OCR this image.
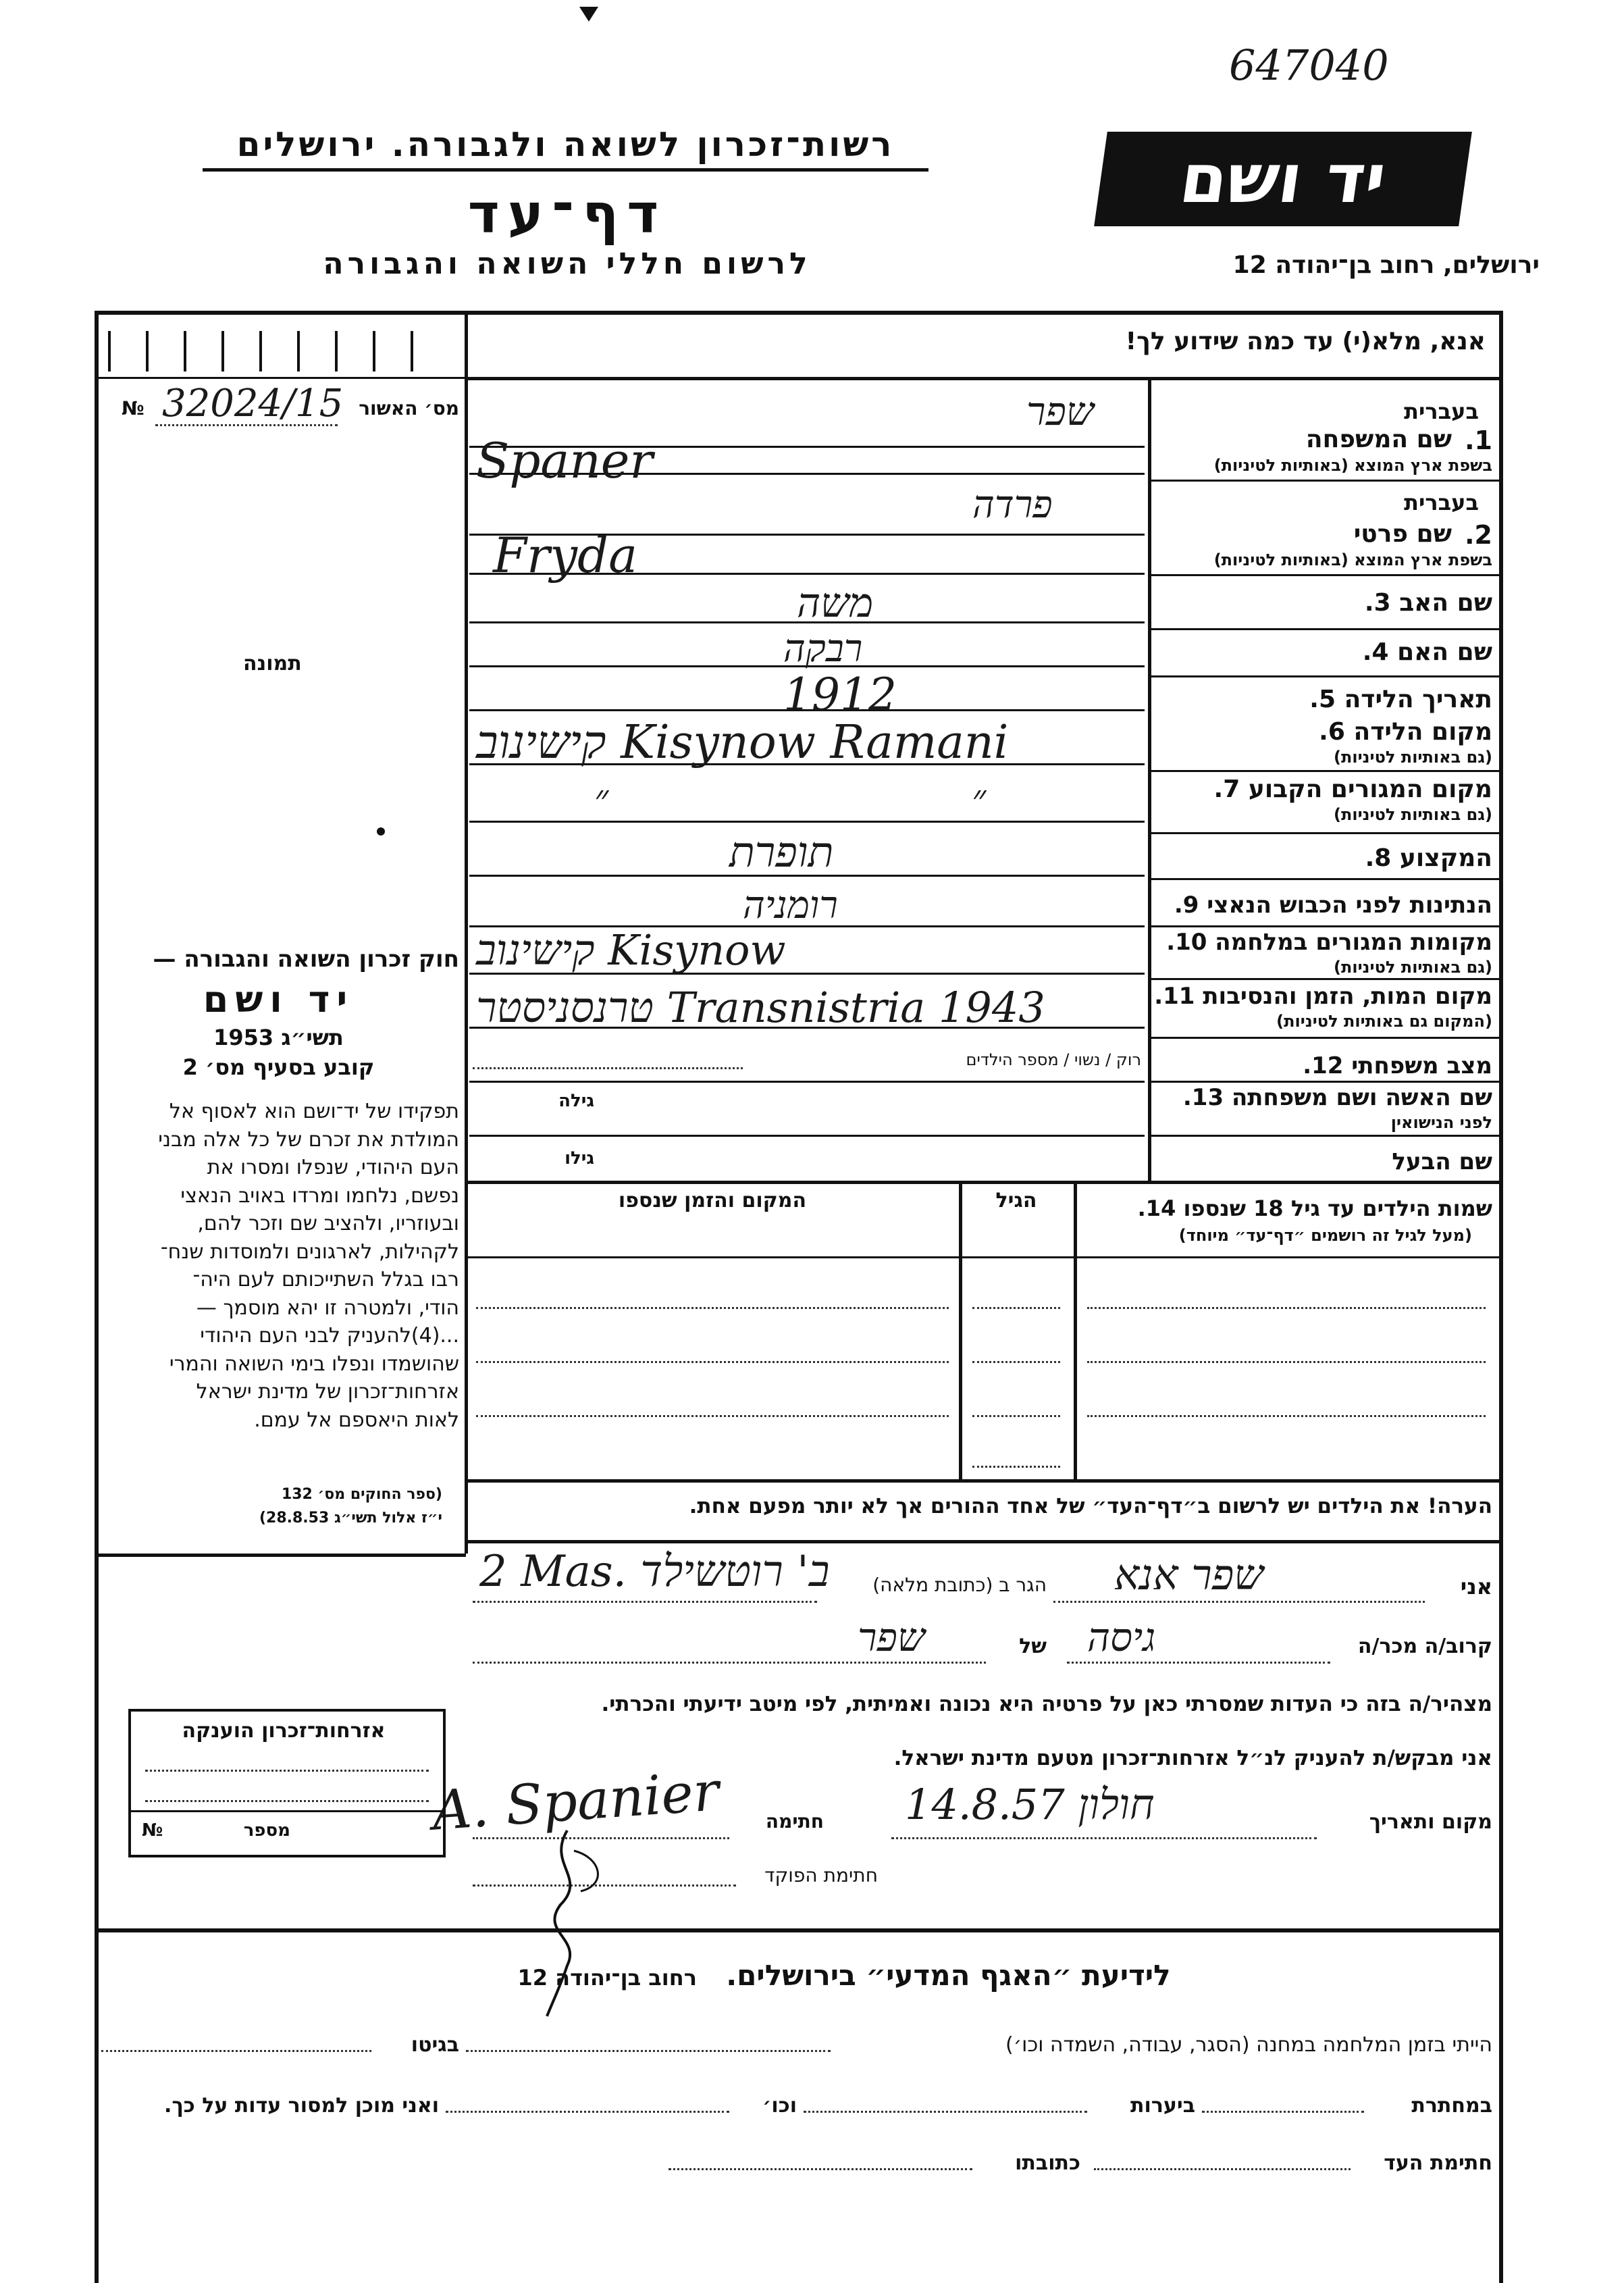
647040
רשות־זכרון לשואה ולגבורה. ירושלים
דף־עד
לרשום חללי השואה והגבורה
יד ושם
ירושלים, רחוב בן־יהודה 12
אנא, מלא(י) עד כמה שידוע לך!
מס׳ האשור
№ 32024/15
תמונה
בעברית
1.
שם המשפחה
בשפת ארץ המוצא (באותיות לטיניות)
בעברית
2.
שם פרטי
בשפת ארץ המוצא (באותיות לטיניות)
שם האב 3.
שם האם 4.
תאריך הלידה 5.
מקום הלידה 6.
(גם באותיות לטיניות)
מקום המגורים הקבוע 7.
(גם באותיות לטיניות)
המקצוע 8.
הנתינות לפני הכבוש הנאצי 9.
מקומות המגורים במלחמה 10.
(גם באותיות לטיניות)
מקום המות, הזמן והנסיבות 11.
(המקום גם באותיות לטיניות)
מצב משפחתי 12.
שם האשה ושם משפחתה 13.
לפני הנישואין
שם הבעל
שפר
Spaner
פרדה
Fryda
משה
רבקה
1912
קישינוב Kisynow Ramani
״ ״
תופרת
רומניה
קישינוב Kisynow
טרנסניסטר Transnistria 1943
רוק / נשוי / מספר הילדים
גילה
גילו

חוק זכרון השואה והגבורה —

יד ושם

תשי״ג 1953

קובע בסעיף מס׳ 2

תפקידו של יד־ושם הוא לאסוף אל

המולדת את זכרם של כל אלה מבני

העם היהודי, שנפלו ומסרו את

נפשם, נלחמו ומרדו באויב הנאצי

ובעוזריו, ולהציב שם וזכר להם,

לקהילות, לארגונים ולמוסדות שנח־

רבו בגלל השתייכותם לעם היה־

הודי, ולמטרה זו יהא מוסמך —

...(4)להעניק לבני העם היהודי

שהושמדו ונפלו בימי השואה והמרי

אזרחות־זכרון של מדינת ישראל

לאות היאספם אל עמם.

(ספר החוקים מס׳ 132
י״ז אלול תשי״ג 28.8.53)
שמות הילדים עד גיל 18 שנספו 14.
(מעל לגיל זה רושמים ״דף־עד״ מיוחד)
הגיל
המקום והזמן שנספו
הערה! את הילדים יש לרשום ב״דף־העד״ של אחד ההורים אך לא יותר מפעם אחת.
אני
שפר אנא
הגר ב (כתובת מלאה)
2 Mas. ב' רוטשילד
קרוב/ה מכר/ה
גיסה
של
שפר
מצהיר/ה בזה כי העדות שמסרתי כאן על פרטיה היא נכונה ואמיתית, לפי מיטב ידיעתי והכרתי.
אני מבקש/ת להעניק לנ״ל אזרחות־זכרון מטעם מדינת ישראל.
מקום ותאריך
14.8.57 חולון
חתימה
A. Spanier
חתימת הפוקד
אזרחות־זכרון הוענקה
מספר
№
לידיעת ״האגף המדעי״ בירושלים. רחוב בן־יהודה 12
הייתי בזמן המלחמה במחנה (הסגר, עבודה, השמדה וכו׳)
בגיטו
במחתרת
ביערות
וכו׳
ואני מוכן למסור עדות על כך.
חתימת העד
כתובתו
